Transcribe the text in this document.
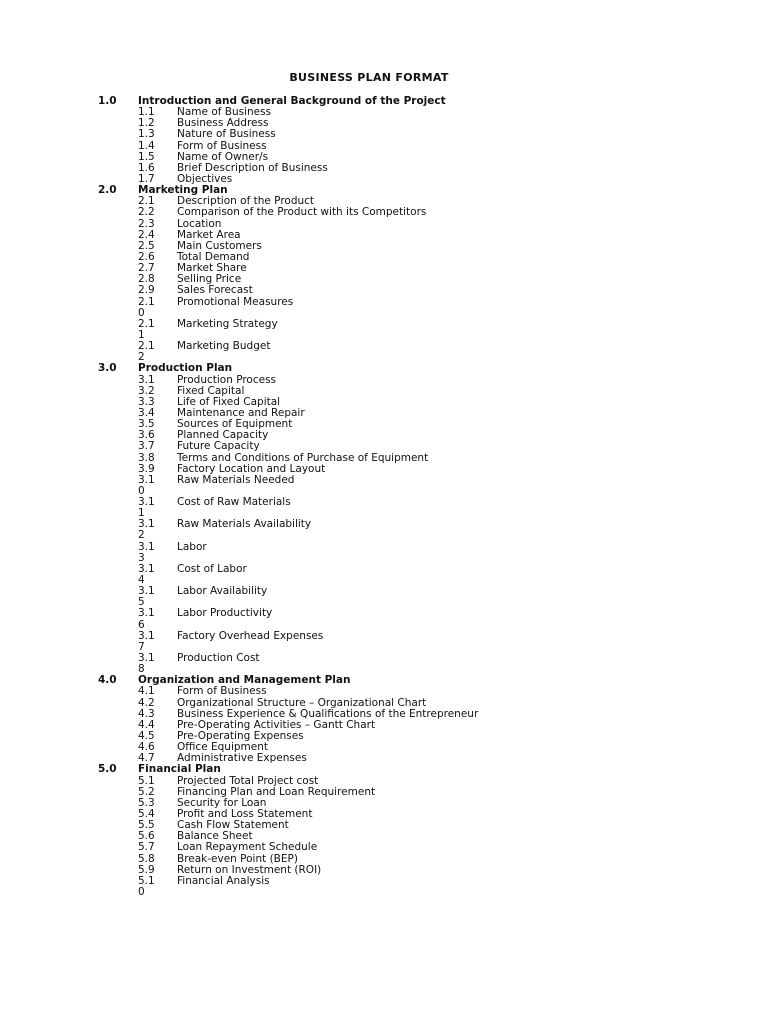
BUSINESS PLAN FORMAT
1.0 Introduction and General Background of the Project
1.1 Name of Business
1.2 Business Address
1.3 Nature of Business
1.4 Form of Business
1.5 Name of Owner/s
1.6 Brief Description of Business
1.7 Objectives
2.0 Marketing Plan
2.1 Description of the Product
2.2 Comparison of the Product with its Competitors
2.3 Location
2.4 Market Area
2.5 Main Customers
2.6 Total Demand
2.7 Market Share
2.8 Selling Price
2.9 Sales Forecast
2.1 Promotional Measures
0
2.1 Marketing Strategy
1
2.1 Marketing Budget
2
3.0 Production Plan
3.1 Production Process
3.2 Fixed Capital
3.3 Life of Fixed Capital
3.4 Maintenance and Repair
3.5 Sources of Equipment
3.6 Planned Capacity
3.7 Future Capacity
3.8 Terms and Conditions of Purchase of Equipment
3.9 Factory Location and Layout
3.1 Raw Materials Needed
0
3.1 Cost of Raw Materials
1
3.1 Raw Materials Availability
2
3.1 Labor
3
3.1 Cost of Labor
4
3.1 Labor Availability
5
3.1 Labor Productivity
6
3.1 Factory Overhead Expenses
7
3.1 Production Cost
8
4.0 Organization and Management Plan
4.1 Form of Business
4.2 Organizational Structure – Organizational Chart
4.3 Business Experience & Qualifications of the Entrepreneur
4.4 Pre-Operating Activities – Gantt Chart
4.5 Pre-Operating Expenses
4.6 Office Equipment
4.7 Administrative Expenses
5.0 Financial Plan
5.1 Projected Total Project cost
5.2 Financing Plan and Loan Requirement
5.3 Security for Loan
5.4 Profit and Loss Statement
5.5 Cash Flow Statement
5.6 Balance Sheet
5.7 Loan Repayment Schedule
5.8 Break-even Point (BEP)
5.9 Return on Investment (ROI)
5.1 Financial Analysis
0
